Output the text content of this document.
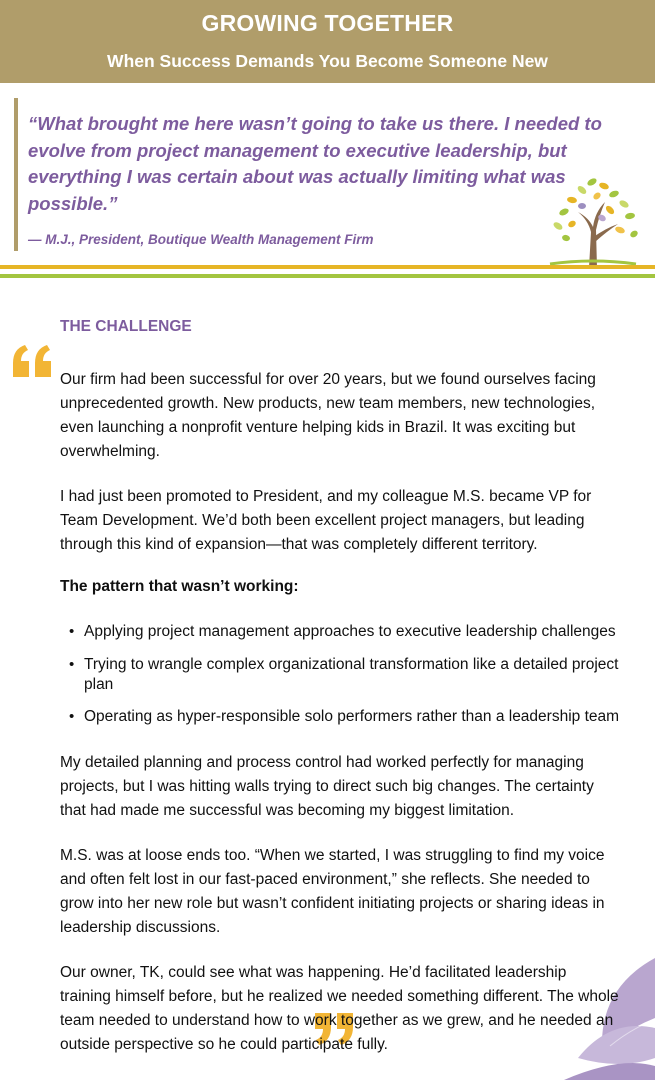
GROWING TOGETHER
When Success Demands You Become Someone New
“What brought me here wasn’t going to take us there. I needed to evolve from project management to executive leadership, but everything I was certain about was actually limiting what was possible.”
— M.J., President, Boutique Wealth Management Firm
THE CHALLENGE

Our firm had been successful for over 20 years, but we found ourselves facing unprecedented growth. New products, new team members, new technologies, even launching a nonprofit venture helping kids in Brazil. It was exciting but overwhelming.

I had just been promoted to President, and my colleague M.S. became VP for Team Development. We’d both been excellent project managers, but leading through this kind of expansion—that was completely different territory.

The pattern that wasn’t working:
• Applying project management approaches to executive leadership challenges
• Trying to wrangle complex organizational transformation like a detailed project plan
• Operating as hyper-responsible solo performers rather than a leadership team

My detailed planning and process control had worked perfectly for managing projects, but I was hitting walls trying to direct such big changes. The certainty that had made me successful was becoming my biggest limitation.

M.S. was at loose ends too. “When we started, I was struggling to find my voice and often felt lost in our fast-paced environment,” she reflects. She needed to grow into her new role but wasn’t confident initiating projects or sharing ideas in leadership discussions.

Our owner, TK, could see what was happening. He’d facilitated leadership training himself before, but he realized we needed something different. The whole team needed to understand how to work together as we grew, and he needed an outside perspective so he could participate fully.
